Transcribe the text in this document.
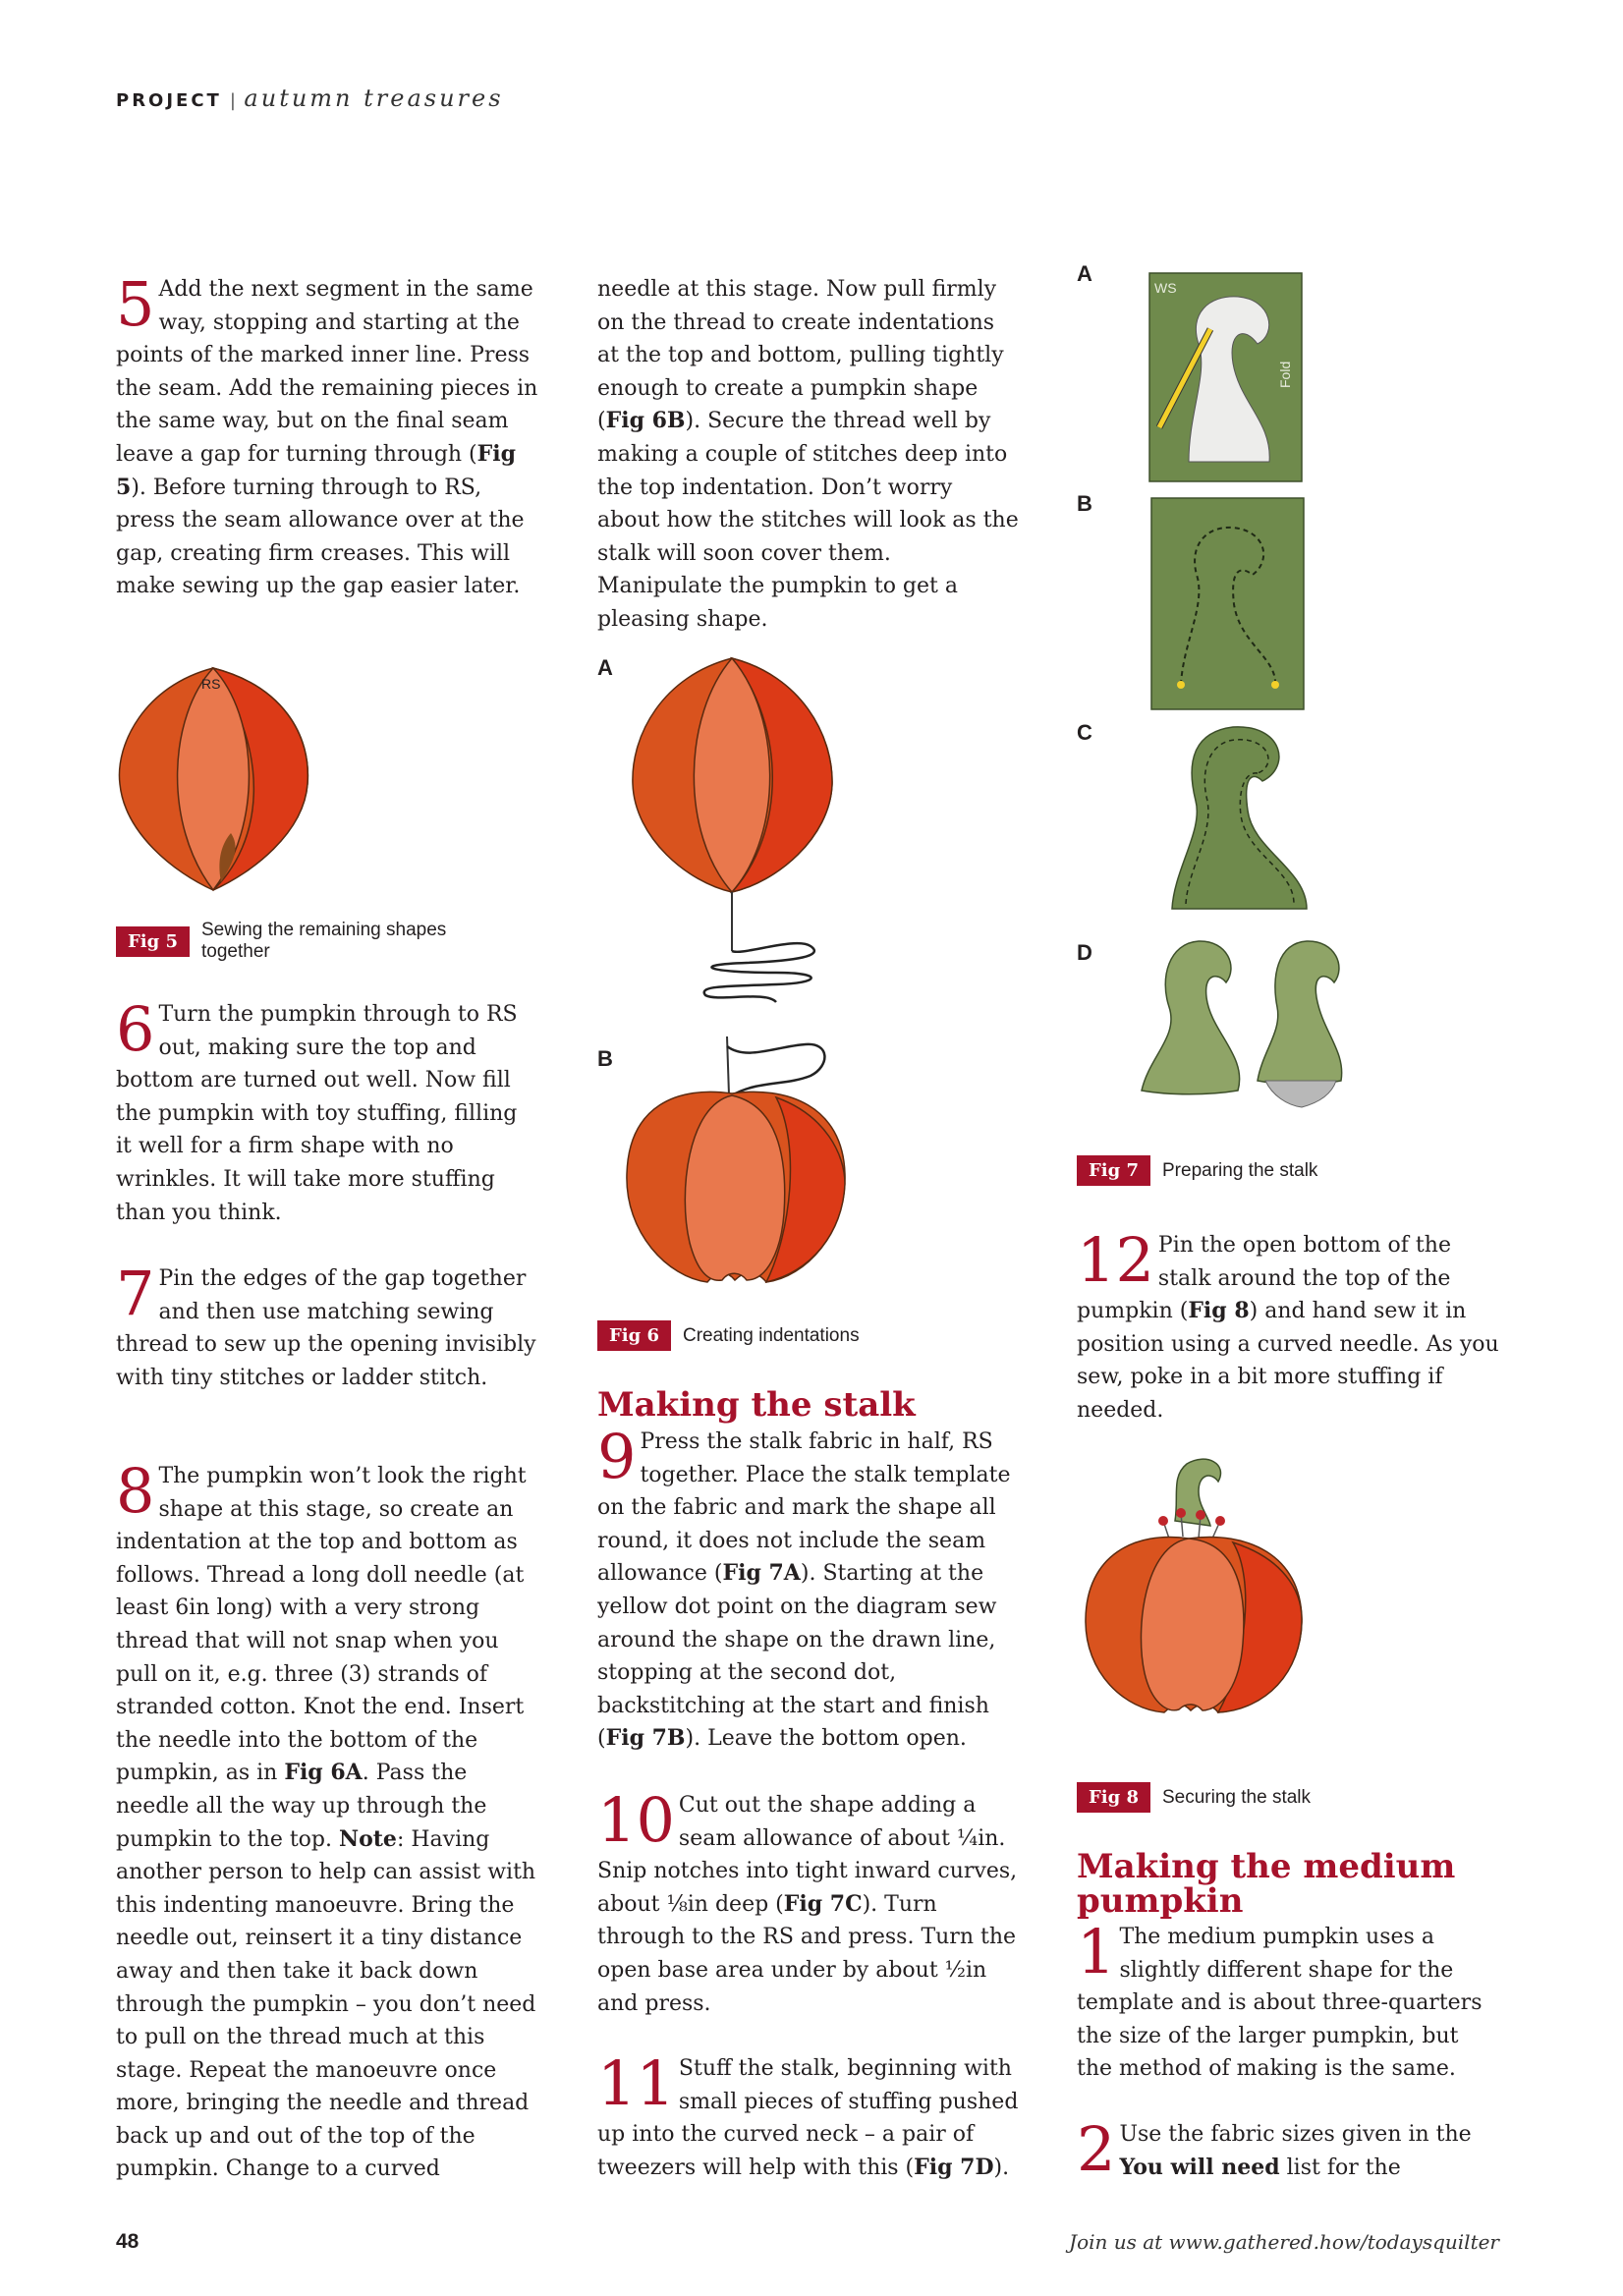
PROJECT | autumn treasures
5 Add the next segment in the same way, stopping and starting at the points of the marked inner line. Press the seam. Add the remaining pieces in the same way, but on the final seam leave a gap for turning through (Fig 5). Before turning through to RS, press the seam allowance over at the gap, creating firm creases. This will make sewing up the gap easier later.

RS
Fig 5
Sewing the remaining shapes together
6 Turn the pumpkin through to RS out, making sure the top and bottom are turned out well. Now fill the pumpkin with toy stuffing, filling it well for a firm shape with no wrinkles. It will take more stuffing than you think.

7 Pin the edges of the gap together and then use matching sewing thread to sew up the opening invisibly with tiny stitches or ladder stitch.

8 The pumpkin won’t look the right shape at this stage, so create an indentation at the top and bottom as follows. Thread a long doll needle (at least 6in long) with a very strong thread that will not snap when you pull on it, e.g. three (3) strands of stranded cotton. Knot the end. Insert the needle into the bottom of the pumpkin, as in Fig 6A. Pass the needle all the way up through the pumpkin to the top. Note: Having another person to help can assist with this indenting manoeuvre. Bring the needle out, reinsert it a tiny distance away and then take it back down through the pumpkin – you don’t need to pull on the thread much at this stage. Repeat the manoeuvre once more, bringing the needle and thread back up and out of the top of the pumpkin. Change to a curved

needle at this stage. Now pull firmly on the thread to create indentations at the top and bottom, pulling tightly enough to create a pumpkin shape (Fig 6B). Secure the thread well by making a couple of stitches deep into the top indentation. Don’t worry about how the stitches will look as the stalk will soon cover them. Manipulate the pumpkin to get a pleasing shape.

A
B
Fig 6	Creating indentations
Making the stalk
9 Press the stalk fabric in half, RS together. Place the stalk template on the fabric and mark the shape all round, it does not include the seam allowance (Fig 7A). Starting at the yellow dot point on the diagram sew around the shape on the drawn line, stopping at the second dot, backstitching at the start and finish (Fig 7B). Leave the bottom open.

10 Cut out the shape adding a seam allowance of about ¼in. Snip notches into tight inward curves, about ⅛in deep (Fig 7C). Turn through to the RS and press. Turn the open base area under by about ½in and press.

11 Stuff the stalk, beginning with small pieces of stuffing pushed up into the curved neck – a pair of tweezers will help with this (Fig 7D).

A
WS
Fold
B
C
D
Fig 7	Preparing the stalk
12 Pin the open bottom of the stalk around the top of the pumpkin (Fig 8) and hand sew it in position using a curved needle. As you sew, poke in a bit more stuffing if needed.

Fig 8	Securing the stalk
Making the medium pumpkin
1 The medium pumpkin uses a slightly different shape for the template and is about three-quarters the size of the larger pumpkin, but the method of making is the same.

2 Use the fabric sizes given in the You will need list for the

48	Join us at www.gathered.how/todaysquilter
